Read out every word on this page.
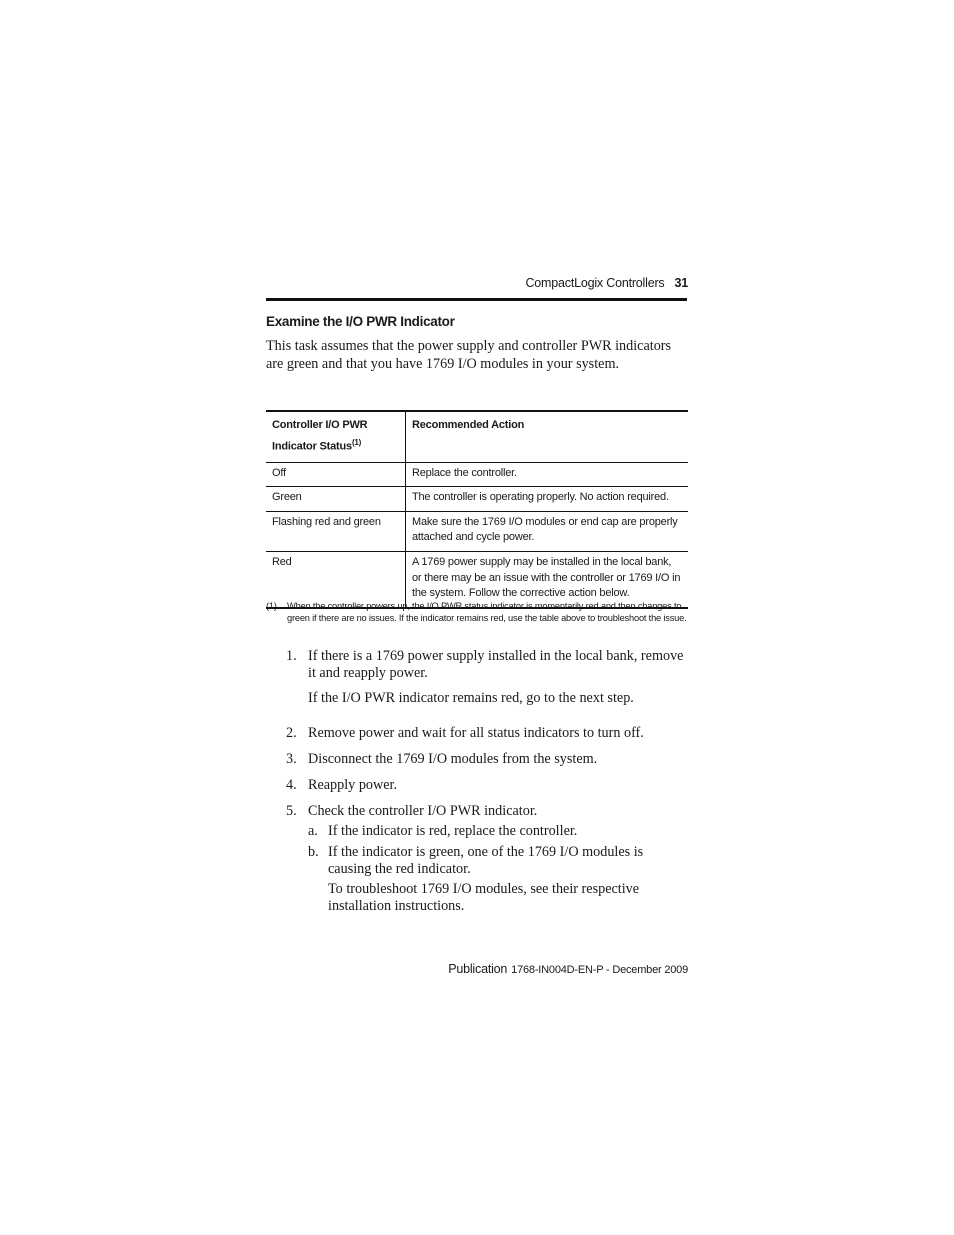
CompactLogix Controllers 31
Examine the I/O PWR Indicator
This task assumes that the power supply and controller PWR indicators are green and that you have 1769 I/O modules in your system.
Controller I/O PWR Indicator Status$^{(1)}$	Recommended Action
Off	Replace the controller.
Green	The controller is operating properly. No action required.
Flashing red and green	Make sure the 1769 I/O modules or end cap are properly attached and cycle power.
Red	A 1769 power supply may be installed in the local bank, or there may be an issue with the controller or 1769 I/O in the system. Follow the corrective action below.
(1)	When the controller powers up, the I/O PWR status indicator is momentarily red and then changes to green if there are no issues. If the indicator remains red, use the table above to troubleshoot the issue.
1. If there is a 1769 power supply installed in the local bank, remove it and reapply power.

If the I/O PWR indicator remains red, go to the next step.

2. Remove power and wait for all status indicators to turn off.

3. Disconnect the 1769 I/O modules from the system.

4. Reapply power.

5. Check the controller I/O PWR indicator.

a. If the indicator is red, replace the controller.

b. If the indicator is green, one of the 1769 I/O modules is causing the red indicator.

To troubleshoot 1769 I/O modules, see their respective installation instructions.

Publication 1768-IN004D-EN-P - December 2009
